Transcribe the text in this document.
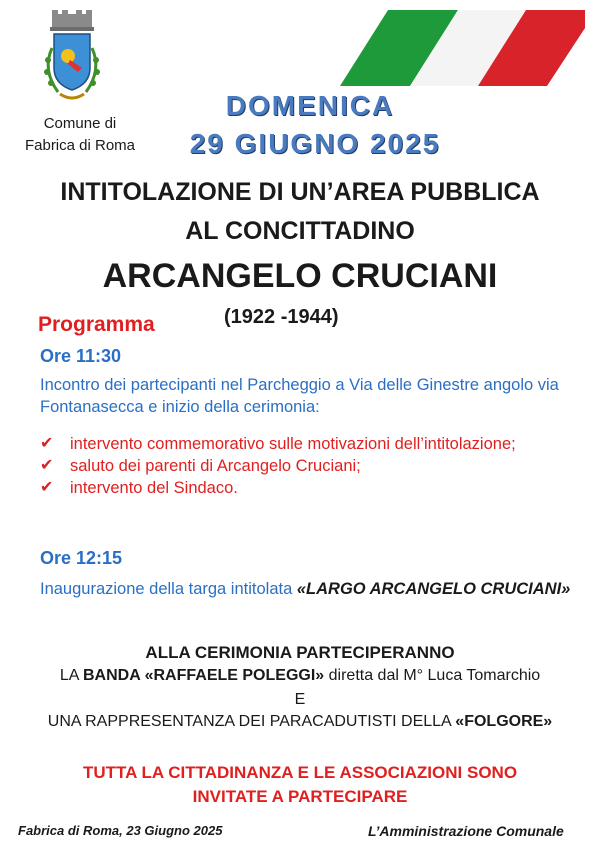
Comune di
Fabrica di Roma
DOMENICA
29 GIUGNO 2025
INTITOLAZIONE DI UN’AREA PUBBLICA
AL CONCITTADINO
ARCANGELO CRUCIANI
(1922 -1944)
Programma
Ore 11:30
Incontro dei partecipanti nel Parcheggio a Via delle Ginestre angolo via Fontanasecca e inizio della cerimonia:
✔ intervento commemorativo sulle motivazioni dell’intitolazione;
✔ saluto dei parenti di Arcangelo Cruciani;
✔ intervento del Sindaco.
Ore 12:15
Inaugurazione della targa intitolata «LARGO ARCANGELO CRUCIANI»
ALLA CERIMONIA PARTECIPERANNO
LA BANDA «RAFFAELE POLEGGI» diretta dal M° Luca Tomarchio
E
UNA RAPPRESENTANZA DEI PARACADUTISTI DELLA «FOLGORE»
TUTTA LA CITTADINANZA E LE ASSOCIAZIONI SONO
INVITATE A PARTECIPARE
Fabrica di Roma, 23 Giugno 2025	L’Amministrazione Comunale
